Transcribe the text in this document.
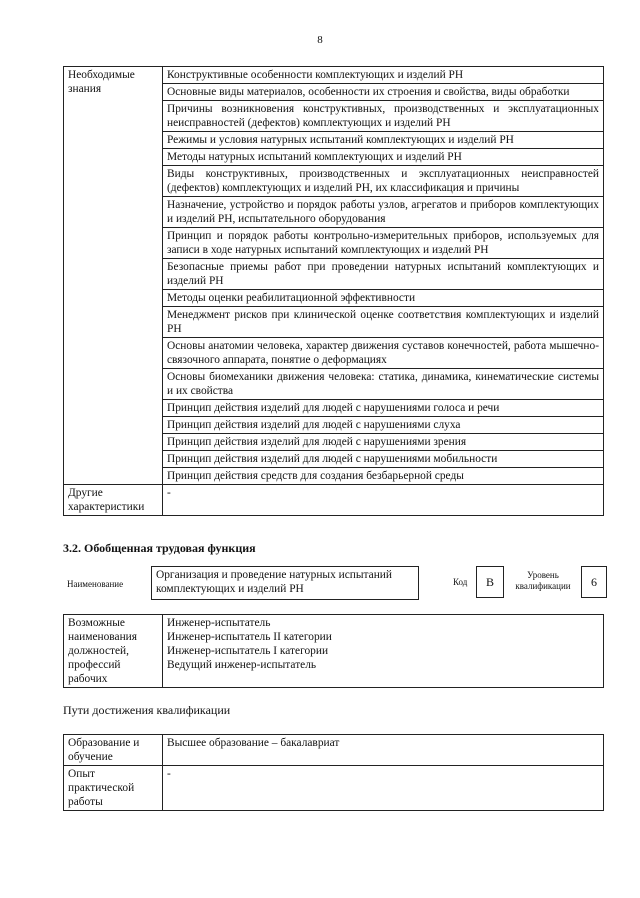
8
Необходимые знания	Конструктивные особенности комплектующих и изделий РН
	Основные виды материалов, особенности их строения и свойства, виды обработки
	Причины возникновения конструктивных, производственных и эксплуатационных неисправностей (дефектов) комплектующих и изделий РН
	Режимы и условия натурных испытаний комплектующих и изделий РН
	Методы натурных испытаний комплектующих и изделий РН
	Виды конструктивных, производственных и эксплуатационных неисправностей (дефектов) комплектующих и изделий РН, их классификация и причины
	Назначение, устройство и порядок работы узлов, агрегатов и приборов комплектующих и изделий РН, испытательного оборудования
	Принцип и порядок работы контрольно-измерительных приборов, используемых для записи в ходе натурных испытаний комплектующих и изделий РН
	Безопасные приемы работ при проведении натурных испытаний комплектующих и изделий РН
	Методы оценки реабилитационной эффективности
	Менеджмент рисков при клинической оценке соответствия комплектующих и изделий РН
	Основы анатомии человека, характер движения суставов конечностей, работа мышечно-связочного аппарата, понятие о деформациях
	Основы биомеханики движения человека: статика, динамика, кинематические системы и их свойства
	Принцип действия изделий для людей с нарушениями голоса и речи
	Принцип действия изделий для людей с нарушениями слуха
	Принцип действия изделий для людей с нарушениями зрения
	Принцип действия изделий для людей с нарушениями мобильности
	Принцип действия средств для создания безбарьерной среды
Другие характеристики	-
3.2. Обобщенная трудовая функция
Наименование
Организация и проведение натурных испытаний комплектующих и изделий РН
Код	B	Уровень
квалификации	6
Возможные наименования должностей, профессий рабочих	
Инженер-испытатель
Инженер-испытатель II категории
Инженер-испытатель I категории
Ведущий инженер-испытатель
Пути достижения квалификации
Образование и обучение	Высшее образование – бакалавриат
Опыт практической работы	-
